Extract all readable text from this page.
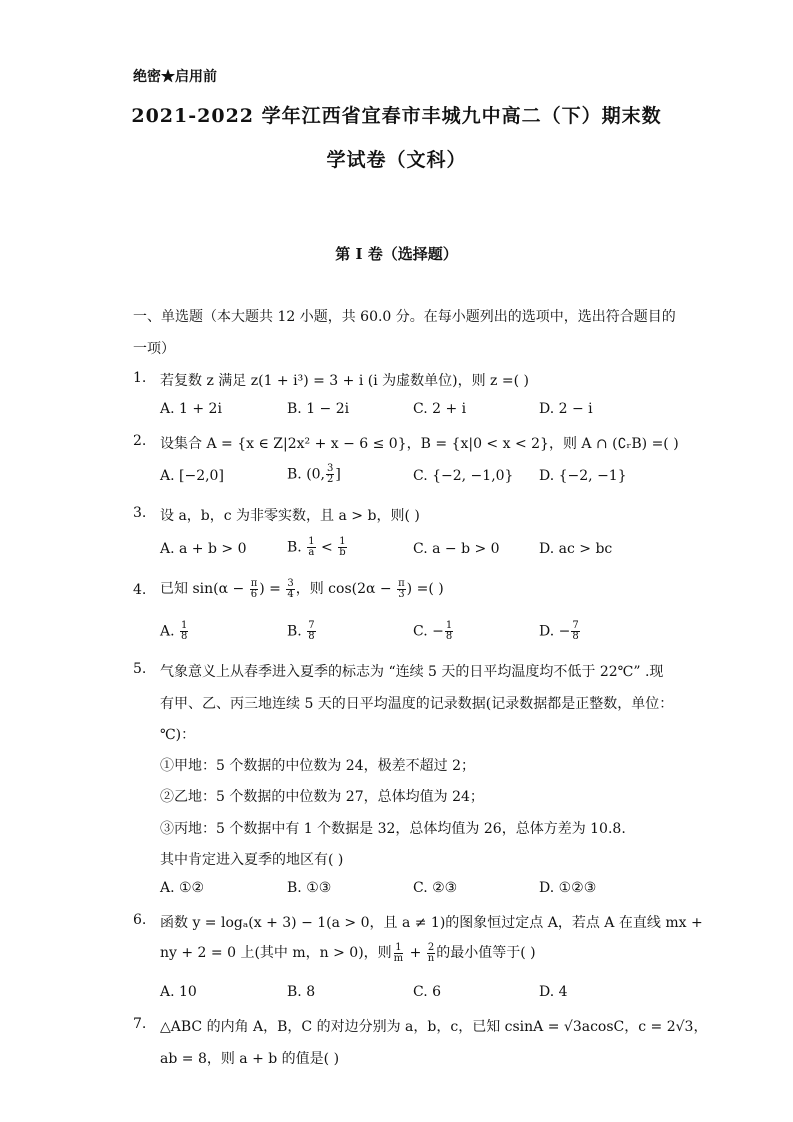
绝密★启用前
2021-2022 学年江西省宜春市丰城九中高二（下）期末数
学试卷（文科）
第 I 卷（选择题）
一、单选题（本大题共 12 小题，共 60.0 分。在每小题列出的选项中，选出符合题目的
一项）
1. 若复数 z 满足 z(1 + i³) = 3 + i (i 为虚数单位)，则 z =( )
A. 1 + 2i	B. 1 − 2i	C. 2 + i	D. 2 − i
2. 设集合 A = {x ∈ Z|2x² + x − 6 ≤ 0}，B = {x|0 < x < 2}，则 A ∩ (∁ᵣB) =( )
A. [−2,0]	B. (0, $\frac{3}{2}$ ]	C. {−2, −1,0} D. {−2, −1}
3. 设 a，b，c 为非零实数，且 a > b，则( )
A. a + b > 0	B. $\frac{1}{a} < \frac{1}{b}$	C. a − b > 0	D. ac > bc
4. 已知 $\sin(\alpha - \frac{\pi}{6}$ ) = $\frac{3}{4}$ ，则 $\cos(2\alpha - \frac{\pi}{3}$ ) =( )
A. $\frac{1}{8}$	B. $\frac{7}{8}$	C. − $\frac{1}{8}$	D. − $\frac{7}{8}$
5. 气象意义上从春季进入夏季的标志为 “连续 5 天的日平均温度均不低于 22℃” .现
有甲、乙、丙三地连续 5 天的日平均温度的记录数据(记录数据都是正整数，单位：
℃)：
①甲地：5 个数据的中位数为 24，极差不超过 2；
②乙地：5 个数据的中位数为 27，总体均值为 24；
③丙地：5 个数据中有 1 个数据是 32，总体均值为 26，总体方差为 10.8.
其中肯定进入夏季的地区有( )
A. ①②	B. ①③	C. ②③	D. ①②③
6. 函数 y = logₐ(x + 3) − 1(a > 0，且 a ≠ 1)的图象恒过定点 A，若点 A 在直线 mx +
ny + 2 = 0 上(其中 m，n > 0)，则 $\frac{1}{m} + \frac{2}{n}$ 的最小值等于( )
A. 10	B. 8	C. 6	D. 4
7. △ABC 的内角 A，B，C 的对边分别为 a，b，c，已知 csinA = √3acosC，c = 2√3，
ab = 8，则 a + b 的值是( )
